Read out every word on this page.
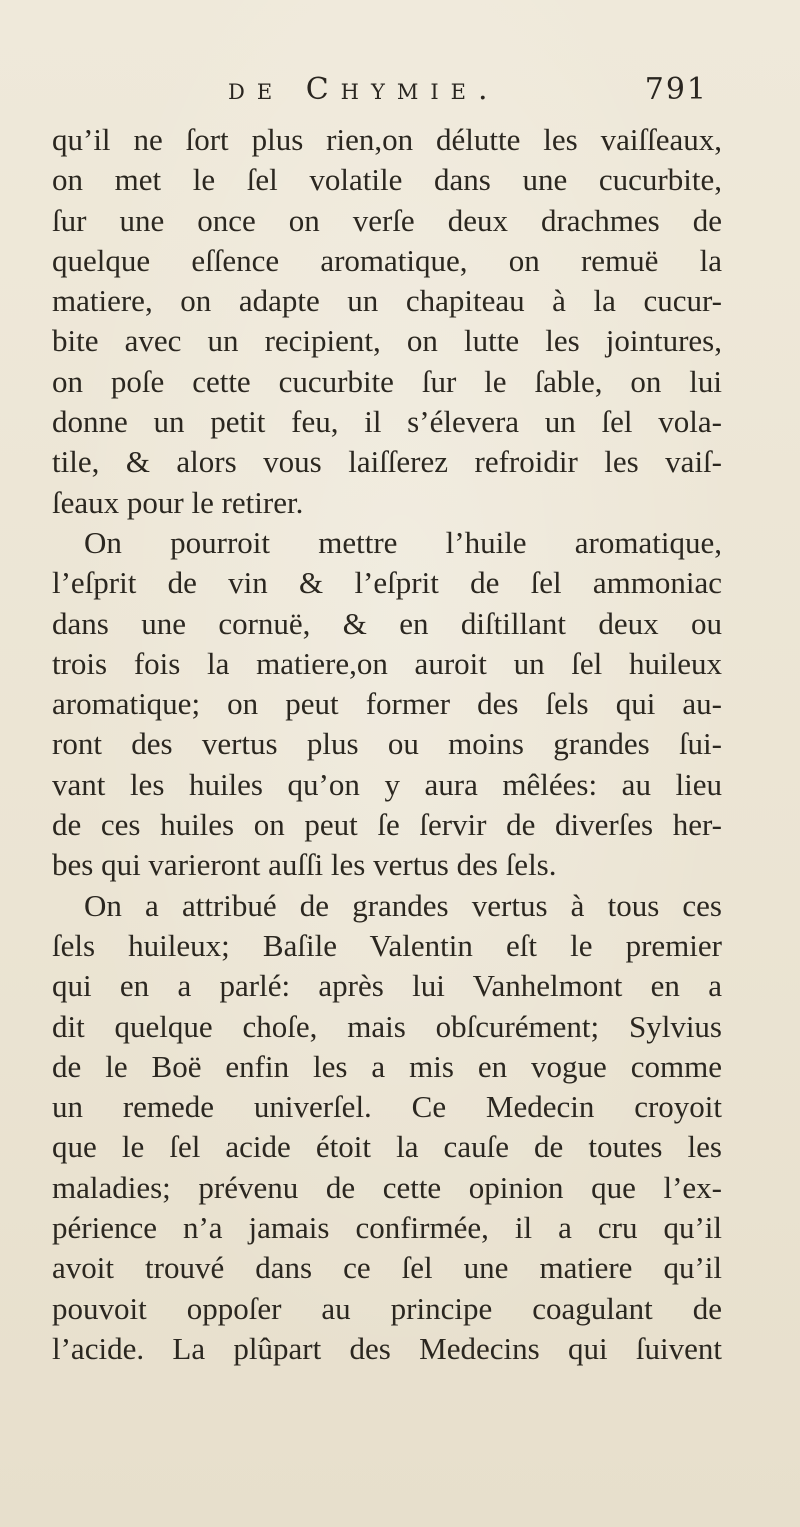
de Chymie.	791
qu’il ne ſort plus rien,on délutte les vaiſſeaux,
on met le ſel volatile dans une cucurbite,
ſur une once on verſe deux drachmes de
quelque eſſence aromatique, on remuë la
matiere, on adapte un chapiteau à la cucur-
bite avec un recipient, on lutte les jointures,
on poſe cette cucurbite ſur le ſable, on lui
donne un petit feu, il s’élevera un ſel vola-
tile, & alors vous laiſſerez refroidir les vaiſ-
ſeaux pour le retirer.
On pourroit mettre l’huile aromatique,
l’eſprit de vin & l’eſprit de ſel ammoniac
dans une cornuë, & en diſtillant deux ou
trois fois la matiere,on auroit un ſel huileux
aromatique; on peut former des ſels qui au-
ront des vertus plus ou moins grandes ſui-
vant les huiles qu’on y aura mêlées: au lieu
de ces huiles on peut ſe ſervir de diverſes her-
bes qui varieront auſſi les vertus des ſels.
On a attribué de grandes vertus à tous ces
ſels huileux; Baſile Valentin eſt le premier
qui en a parlé: après lui Vanhelmont en a
dit quelque choſe, mais obſcurément; Sylvius
de le Boë enfin les a mis en vogue comme
un remede univerſel. Ce Medecin croyoit
que le ſel acide étoit la cauſe de toutes les
maladies; prévenu de cette opinion que l’ex-
périence n’a jamais confirmée, il a cru qu’il
avoit trouvé dans ce ſel une matiere qu’il
pouvoit oppoſer au principe coagulant de
l’acide. La plûpart des Medecins qui ſuivent
